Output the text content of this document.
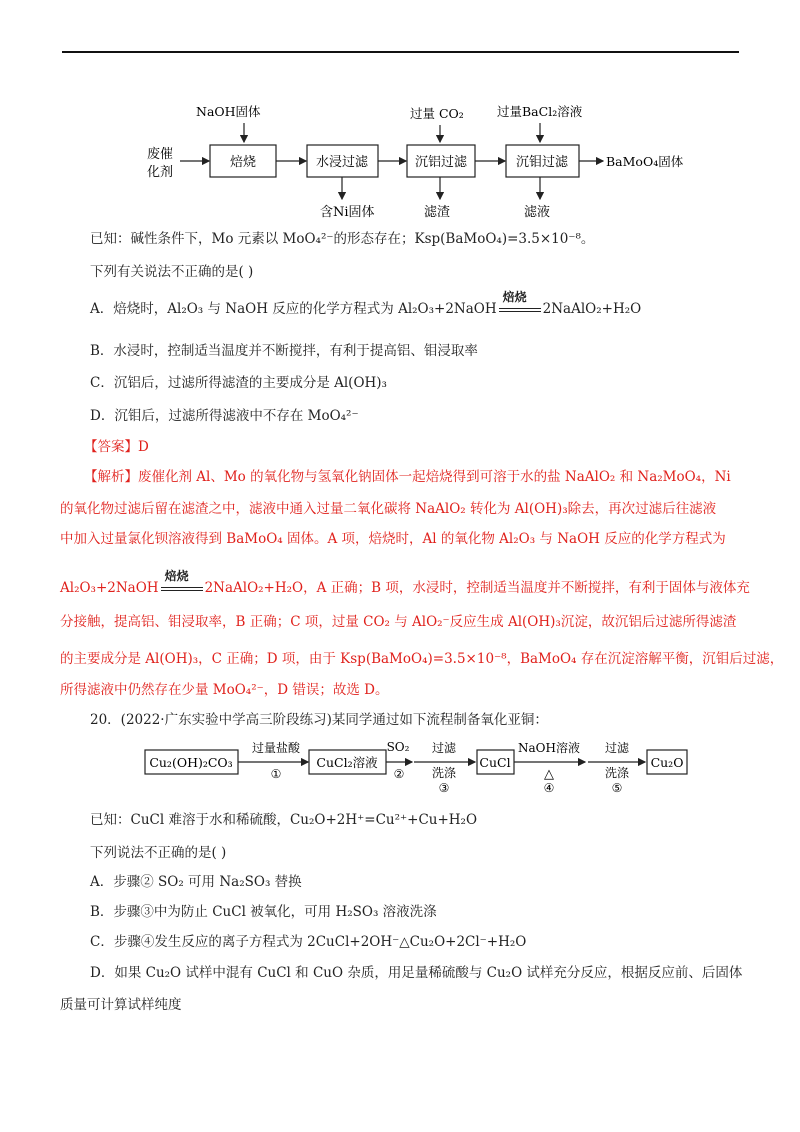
废催
化剂
NaOH固体
焙烧	水浸过滤
含Ni固体
过量 CO₂
沉铝过滤
滤渣
过量BaCl₂溶液
沉钼过滤
滤液
BaMoO₄固体
已知：碱性条件下，Mo 元素以 MoO₄²⁻的形态存在；Ksp(BaMoO₄)=3.5×10⁻⁸。
下列有关说法不正确的是( )
A．焙烧时，Al₂O₃ 与 NaOH 反应的化学方程式为 Al₂O₃+2NaOH
焙烧
2NaAlO₂+H₂O
B．水浸时，控制适当温度并不断搅拌，有利于提高铝、钼浸取率
C．沉铝后，过滤所得滤渣的主要成分是 Al(OH)₃
D．沉钼后，过滤所得滤液中不存在 MoO₄²⁻
【答案】D
【解析】废催化剂 Al、Mo 的氧化物与氢氧化钠固体一起焙烧得到可溶于水的盐 NaAlO₂ 和 Na₂MoO₄，Ni
的氧化物过滤后留在滤渣之中，滤液中通入过量二氧化碳将 NaAlO₂ 转化为 Al(OH)₃除去，再次过滤后往滤液
中加入过量氯化钡溶液得到 BaMoO₄ 固体。A 项，焙烧时，Al 的氧化物 Al₂O₃ 与 NaOH 反应的化学方程式为
Al₂O₃+2NaOH
焙烧
2NaAlO₂+H₂O，A 正确；B 项，水浸时，控制适当温度并不断搅拌，有利于固体与液体充
分接触，提高铝、钼浸取率，B 正确；C 项，过量 CO₂ 与 AlO₂⁻反应生成 Al(OH)₃沉淀，故沉铝后过滤所得滤渣
的主要成分是 Al(OH)₃，C 正确；D 项，由于 Ksp(BaMoO₄)=3.5×10⁻⁸，BaMoO₄ 存在沉淀溶解平衡，沉钼后过滤，
所得滤液中仍然存在少量 MoO₄²⁻，D 错误；故选 D。
20．(2022·广东实验中学高三阶段练习)某同学通过如下流程制备氧化亚铜：
Cu₂(OH)₂CO₃
过量盐酸
①
CuCl₂溶液
SO₂
②
过滤
洗涤
③
CuCl
NaOH溶液
△
④
过滤
洗涤
⑤
Cu₂O
已知：CuCl 难溶于水和稀硫酸，Cu₂O+2H⁺=Cu²⁺+Cu+H₂O
下列说法不正确的是( )
A．步骤② SO₂ 可用 Na₂SO₃ 替换
B．步骤③中为防止 CuCl 被氧化，可用 H₂SO₃ 溶液洗涤
C．步骤④发生反应的离子方程式为 2CuCl+2OH⁻△Cu₂O+2Cl⁻+H₂O
D．如果 Cu₂O 试样中混有 CuCl 和 CuO 杂质，用足量稀硫酸与 Cu₂O 试样充分反应，根据反应前、后固体
质量可计算试样纯度
